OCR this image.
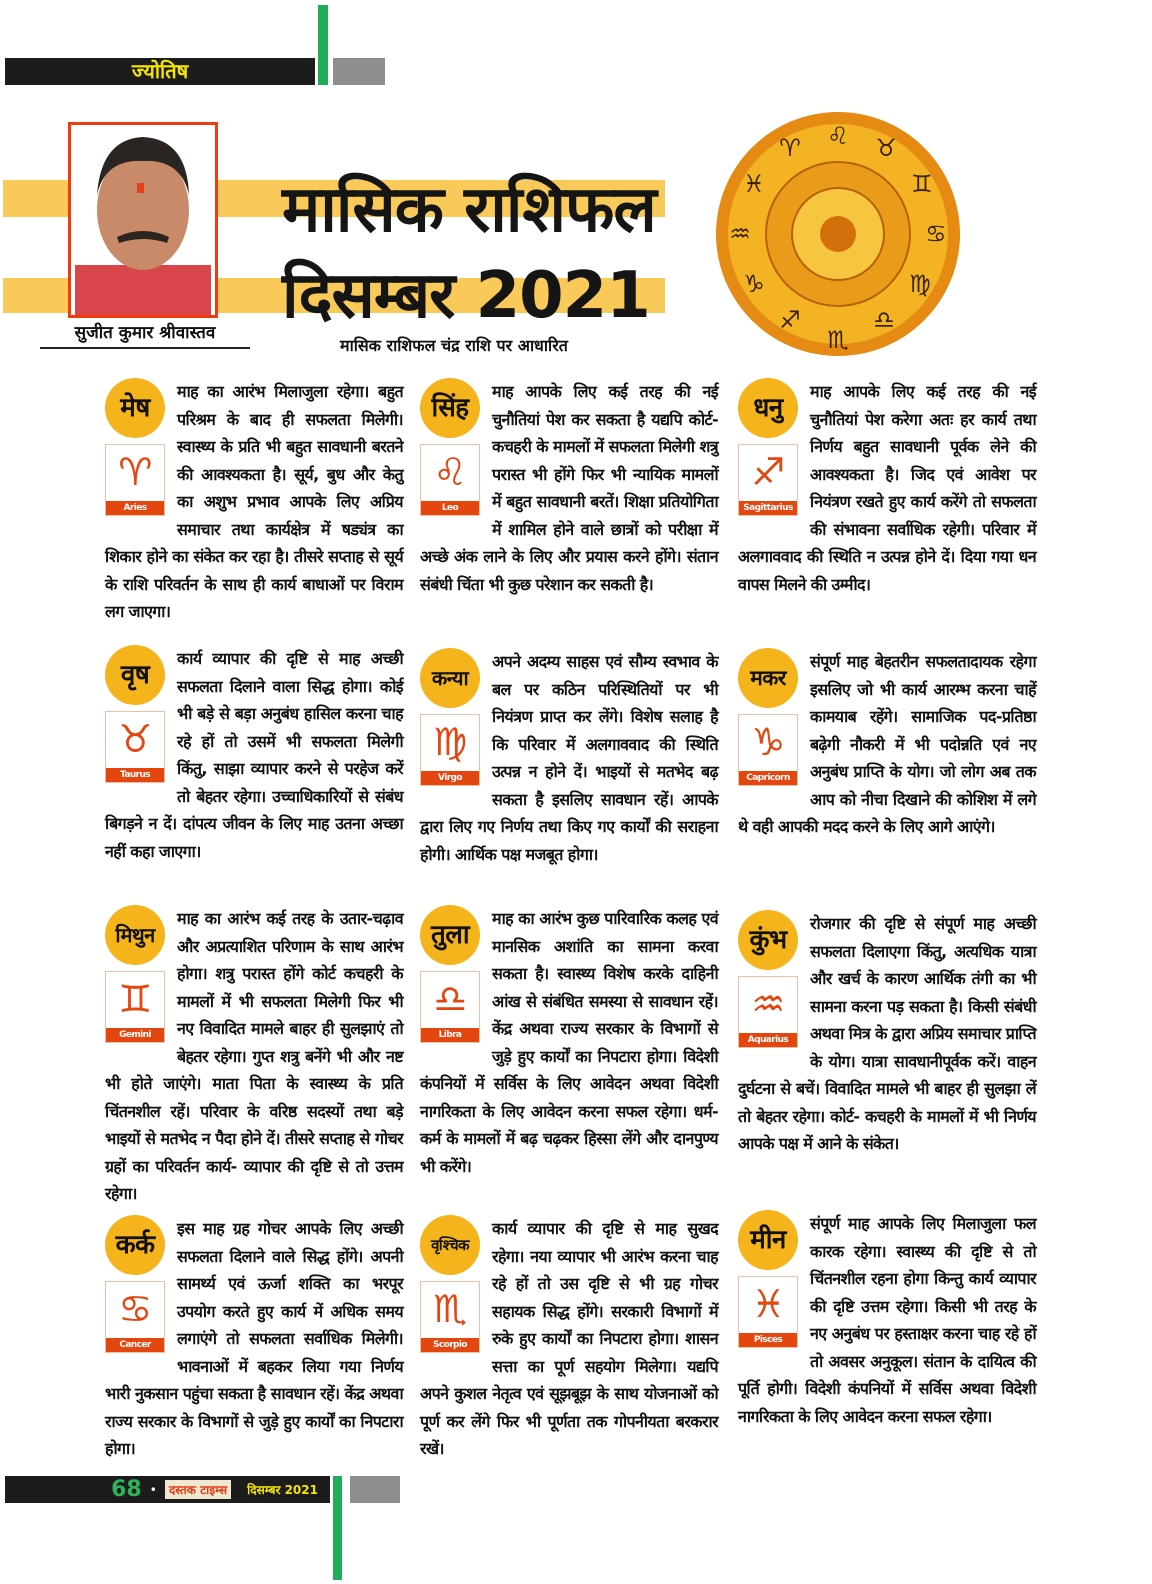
ज्योतिष
मासिक राशिफल
दिसम्बर 2021
सुजीत कुमार श्रीवास्तव
मासिक राशिफल चंद्र राशि पर आधारित
♌ ♉
♊
♋
♍
♎
♏
♐
♑
♒
♓
♈
मेष
♈
Aries
माह का आरंभ मिलाजुला रहेगा। बहुत परिश्रम के बाद ही सफलता मिलेगी। स्वास्थ्य के प्रति भी बहुत सावधानी बरतने की आवश्यकता है। सूर्य, बुध और केतु का अशुभ प्रभाव आपके लिए अप्रिय समाचार तथा कार्यक्षेत्र में षड्यंत्र का शिकार होने का संकेत कर रहा है। तीसरे सप्ताह से सूर्य के राशि परिवर्तन के साथ ही कार्य बाधाओं पर विराम लग जाएगा।
वृष
♉
Taurus
कार्य व्यापार की दृष्टि से माह अच्छी सफलता दिलाने वाला सिद्ध होगा। कोई भी बड़े से बड़ा अनुबंध हासिल करना चाह रहे हों तो उसमें भी सफलता मिलेगी किंतु, साझा व्यापार करने से परहेज करें तो बेहतर रहेगा। उच्चाधिकारियों से संबंध बिगड़ने न दें। दांपत्य जीवन के लिए माह उतना अच्छा नहीं कहा जाएगा।
मिथुन
♊
Gemini
माह का आरंभ कई तरह के उतार-चढ़ाव और अप्रत्याशित परिणाम के साथ आरंभ होगा। शत्रु परास्त होंगे कोर्ट कचहरी के मामलों में भी सफलता मिलेगी फिर भी नए विवादित मामले बाहर ही सुलझाएं तो बेहतर रहेगा। गुप्त शत्रु बनेंगे भी और नष्ट भी होते जाएंगे। माता पिता के स्वास्थ्य के प्रति चिंतनशील रहें। परिवार के वरिष्ठ सदस्यों तथा बड़े भाइयों से मतभेद न पैदा होने दें। तीसरे सप्ताह से गोचर ग्रहों का परिवर्तन कार्य- व्यापार की दृष्टि से तो उत्तम रहेगा।
कर्क
♋
Cancer
इस माह ग्रह गोचर आपके लिए अच्छी सफलता दिलाने वाले सिद्ध होंगे। अपनी सामर्थ्य एवं ऊर्जा शक्ति का भरपूर उपयोग करते हुए कार्य में अधिक समय लगाएंगे तो सफलता सर्वाधिक मिलेगी। भावनाओं में बहकर लिया गया निर्णय भारी नुकसान पहुंचा सकता है सावधान रहें। केंद्र अथवा राज्य सरकार के विभागों से जुड़े हुए कार्यों का निपटारा होगा।
सिंह
♌
Leo
माह आपके लिए कई तरह की नई चुनौतियां पेश कर सकता है यद्यपि कोर्ट-कचहरी के मामलों में सफलता मिलेगी शत्रु परास्त भी होंगे फिर भी न्यायिक मामलों में बहुत सावधानी बरतें। शिक्षा प्रतियोगिता में शामिल होने वाले छात्रों को परीक्षा में अच्छे अंक लाने के लिए और प्रयास करने होंगे। संतान संबंधी चिंता भी कुछ परेशान कर सकती है।
कन्या
♍
Virgo
अपने अदम्य साहस एवं सौम्य स्वभाव के बल पर कठिन परिस्थितियों पर भी नियंत्रण प्राप्त कर लेंगे। विशेष सलाह है कि परिवार में अलगाववाद की स्थिति उत्पन्न न होने दें। भाइयों से मतभेद बढ़ सकता है इसलिए सावधान रहें। आपके द्वारा लिए गए निर्णय तथा किए गए कार्यों की सराहना होगी। आर्थिक पक्ष मजबूत होगा।
तुला
♎
Libra
माह का आरंभ कुछ पारिवारिक कलह एवं मानसिक अशांति का सामना करवा सकता है। स्वास्थ्य विशेष करके दाहिनी आंख से संबंधित समस्या से सावधान रहें। केंद्र अथवा राज्य सरकार के विभागों से जुड़े हुए कार्यों का निपटारा होगा। विदेशी कंपनियों में सर्विस के लिए आवेदन अथवा विदेशी नागरिकता के लिए आवेदन करना सफल रहेगा। धर्म-कर्म के मामलों में बढ़ चढ़कर हिस्सा लेंगे और दानपुण्य भी करेंगे।
वृश्चिक
♏
Scorpio
कार्य व्यापार की दृष्टि से माह सुखद रहेगा। नया व्यापार भी आरंभ करना चाह रहे हों तो उस दृष्टि से भी ग्रह गोचर सहायक सिद्ध होंगे। सरकारी विभागों में रुके हुए कार्यों का निपटारा होगा। शासन सत्ता का पूर्ण सहयोग मिलेगा। यद्यपि अपने कुशल नेतृत्व एवं सूझबूझ के साथ योजनाओं को पूर्ण कर लेंगे फिर भी पूर्णता तक गोपनीयता बरकरार रखें।
धनु
♐
Sagittarius
माह आपके लिए कई तरह की नई चुनौतियां पेश करेगा अतः हर कार्य तथा निर्णय बहुत सावधानी पूर्वक लेने की आवश्यकता है। जिद एवं आवेश पर नियंत्रण रखते हुए कार्य करेंगे तो सफलता की संभावना सर्वाधिक रहेगी। परिवार में अलगाववाद की स्थिति न उत्पन्न होने दें। दिया गया धन वापस मिलने की उम्मीद।
मकर
♑
Capricorn
संपूर्ण माह बेहतरीन सफलतादायक रहेगा इसलिए जो भी कार्य आरम्भ करना चाहें कामयाब रहेंगे। सामाजिक पद-प्रतिष्ठा बढ़ेगी नौकरी में भी पदोन्नति एवं नए अनुबंध प्राप्ति के योग। जो लोग अब तक आप को नीचा दिखाने की कोशिश में लगे थे वही आपकी मदद करने के लिए आगे आएंगे।
कुंभ
♒
Aquarius
रोजगार की दृष्टि से संपूर्ण माह अच्छी सफलता दिलाएगा किंतु, अत्यधिक यात्रा और खर्च के कारण आर्थिक तंगी का भी सामना करना पड़ सकता है। किसी संबंधी अथवा मित्र के द्वारा अप्रिय समाचार प्राप्ति के योग। यात्रा सावधानीपूर्वक करें। वाहन दुर्घटना से बचें। विवादित मामले भी बाहर ही सुलझा लें तो बेहतर रहेगा। कोर्ट- कचहरी के मामलों में भी निर्णय आपके पक्ष में आने के संकेत।
मीन
♓
Pisces
संपूर्ण माह आपके लिए मिलाजुला फल कारक रहेगा। स्वास्थ्य की दृष्टि से तो चिंतनशील रहना होगा किन्तु कार्य व्यापार की दृष्टि उत्तम रहेगा। किसी भी तरह के नए अनुबंध पर हस्ताक्षर करना चाह रहे हों तो अवसर अनुकूल। संतान के दायित्व की पूर्ति होगी। विदेशी कंपनियों में सर्विस अथवा विदेशी नागरिकता के लिए आवेदन करना सफल रहेगा।
68 •	दस्तक टाइम्स	दिसम्बर 2021
